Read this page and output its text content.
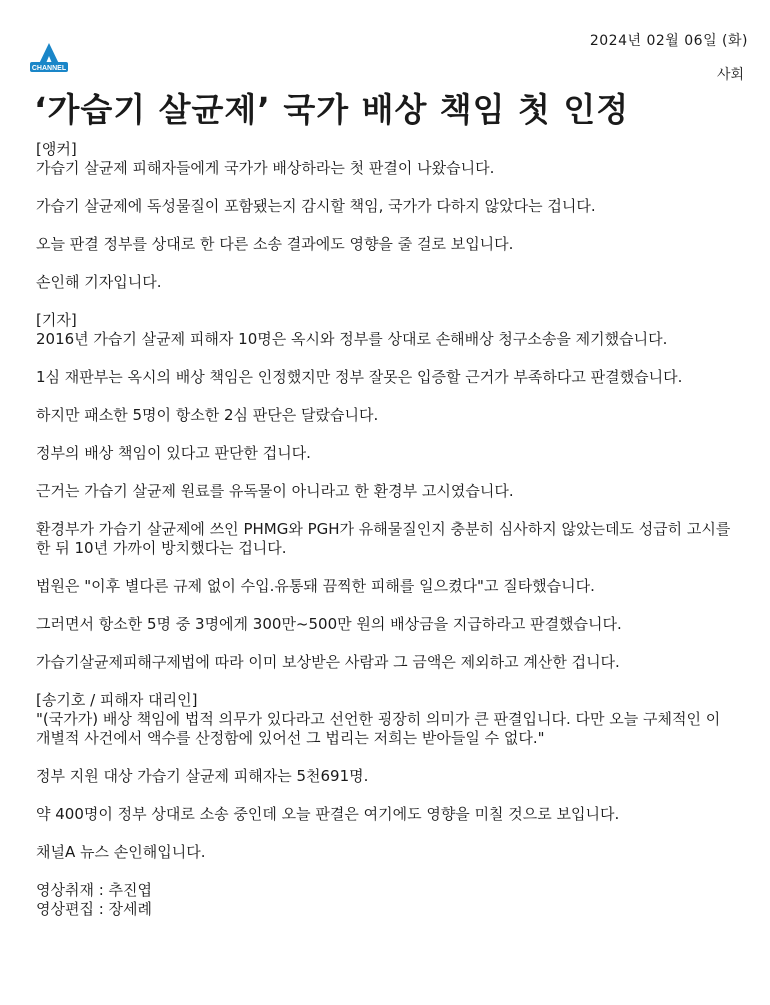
2024년 02월 06일 (화)
CHANNEL	사회
‘가습기 살균제’ 국가 배상 책임 첫 인정

[앵커]

가습기 살균제 피해자들에게 국가가 배상하라는 첫 판결이 나왔습니다.

가습기 살균제에 독성물질이 포함됐는지 감시할 책임, 국가가 다하지 않았다는 겁니다.

오늘 판결 정부를 상대로 한 다른 소송 결과에도 영향을 줄 걸로 보입니다.

손인해 기자입니다.

[기자]

2016년 가습기 살균제 피해자 10명은 옥시와 정부를 상대로 손해배상 청구소송을 제기했습니다.

1심 재판부는 옥시의 배상 책임은 인정했지만 정부 잘못은 입증할 근거가 부족하다고 판결했습니다.

하지만 패소한 5명이 항소한 2심 판단은 달랐습니다.

정부의 배상 책임이 있다고 판단한 겁니다.

근거는 가습기 살균제 원료를 유독물이 아니라고 한 환경부 고시였습니다.

환경부가 가습기 살균제에 쓰인 PHMG와 PGH가 유해물질인지 충분히 심사하지 않았는데도 성급히 고시를 한 뒤 10년 가까이 방치했다는 겁니다.

법원은 "이후 별다른 규제 없이 수입.유통돼 끔찍한 피해를 일으켰다"고 질타했습니다.

그러면서 항소한 5명 중 3명에게 300만~500만 원의 배상금을 지급하라고 판결했습니다.

가습기살균제피해구제법에 따라 이미 보상받은 사람과 그 금액은 제외하고 계산한 겁니다.

[송기호 / 피해자 대리인]

"(국가가) 배상 책임에 법적 의무가 있다라고 선언한 굉장히 의미가 큰 판결입니다. 다만 오늘 구체적인 이 개별적 사건에서 액수를 산정함에 있어선 그 법리는 저희는 받아들일 수 없다."

정부 지원 대상 가습기 살균제 피해자는 5천691명.

약 400명이 정부 상대로 소송 중인데 오늘 판결은 여기에도 영향을 미칠 것으로 보입니다.

채널A 뉴스 손인해입니다.

영상취재 : 추진엽

영상편집 : 장세례
